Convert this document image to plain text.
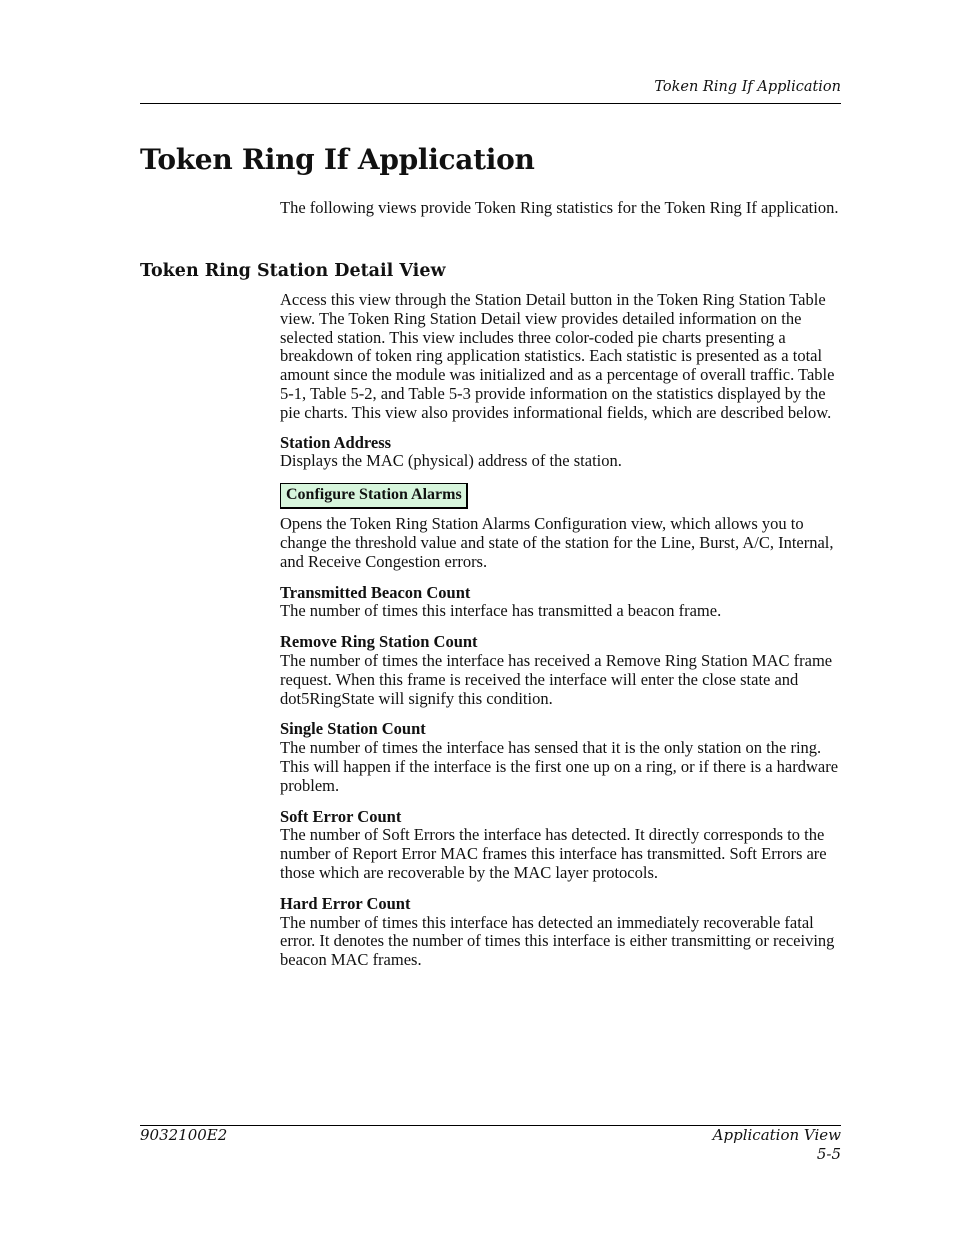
Token Ring If Application
Token Ring If Application

The following views provide Token Ring statistics for the Token Ring If application.

Token Ring Station Detail View

Access this view through the Station Detail button in the Token Ring Station Table view. The Token Ring Station Detail view provides detailed information on the selected station. This view includes three color-coded pie charts presenting a breakdown of token ring application statistics. Each statistic is presented as a total amount since the module was initialized and as a percentage of overall traffic. Table 5-1, Table 5-2, and Table 5-3 provide information on the statistics displayed by the pie charts. This view also provides informational fields, which are described below.

Station Address
Displays the MAC (physical) address of the station.
Configure Station Alarms
Opens the Token Ring Station Alarms Configuration view, which allows you to change the threshold value and state of the station for the Line, Burst, A/C, Internal, and Receive Congestion errors.
Transmitted Beacon Count
The number of times this interface has transmitted a beacon frame.
Remove Ring Station Count
The number of times the interface has received a Remove Ring Station MAC frame request. When this frame is received the interface will enter the close state and dot5RingState will signify this condition.
Single Station Count
The number of times the interface has sensed that it is the only station on the ring. This will happen if the interface is the first one up on a ring, or if there is a hardware problem.
Soft Error Count
The number of Soft Errors the interface has detected. It directly corresponds to the number of Report Error MAC frames this interface has transmitted. Soft Errors are those which are recoverable by the MAC layer protocols.
Hard Error Count
The number of times this interface has detected an immediately recoverable fatal error. It denotes the number of times this interface is either transmitting or receiving beacon MAC frames.
9032100E2	Application View
5-5
